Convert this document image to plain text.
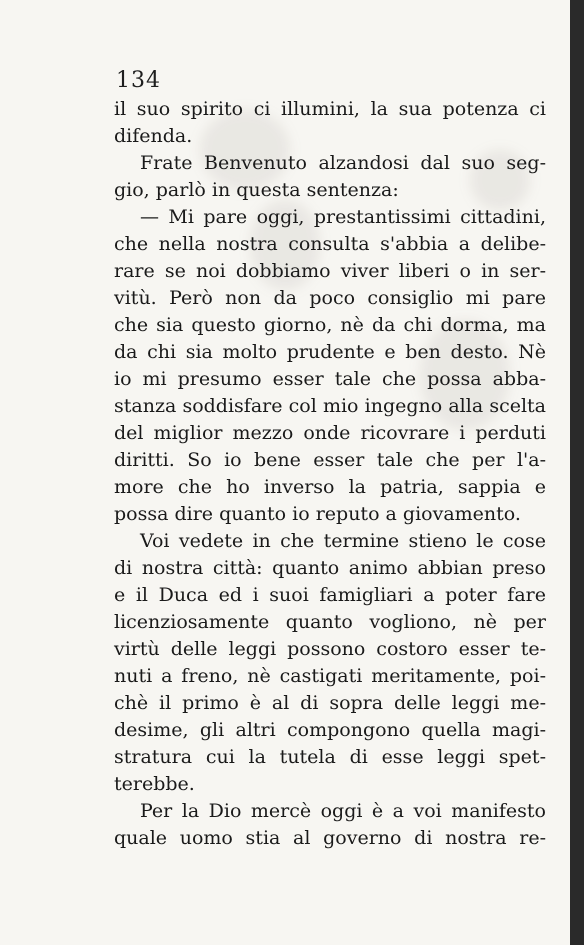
134
il suo spirito ci illumini, la sua potenza ci
difenda.
Frate Benvenuto alzandosi dal suo seg-
gio, parlò in questa sentenza:
— Mi pare oggi, prestantissimi cittadini,
che nella nostra consulta s'abbia a delibe-
rare se noi dobbiamo viver liberi o in ser-
vitù. Però non da poco consiglio mi pare
che sia questo giorno, nè da chi dorma, ma
da chi sia molto prudente e ben desto. Nè
io mi presumo esser tale che possa abba-
stanza soddisfare col mio ingegno alla scelta
del miglior mezzo onde ricovrare i perduti
diritti. So io bene esser tale che per l'a-
more che ho inverso la patria, sappia e
possa dire quanto io reputo a giovamento.
Voi vedete in che termine stieno le cose
di nostra città: quanto animo abbian preso
e il Duca ed i suoi famigliari a poter fare
licenziosamente quanto vogliono, nè per
virtù delle leggi possono costoro esser te-
nuti a freno, nè castigati meritamente, poi-
chè il primo è al di sopra delle leggi me-
desime, gli altri compongono quella magi-
stratura cui la tutela di esse leggi spet-
terebbe.
Per la Dio mercè oggi è a voi manifesto
quale uomo stia al governo di nostra re-
